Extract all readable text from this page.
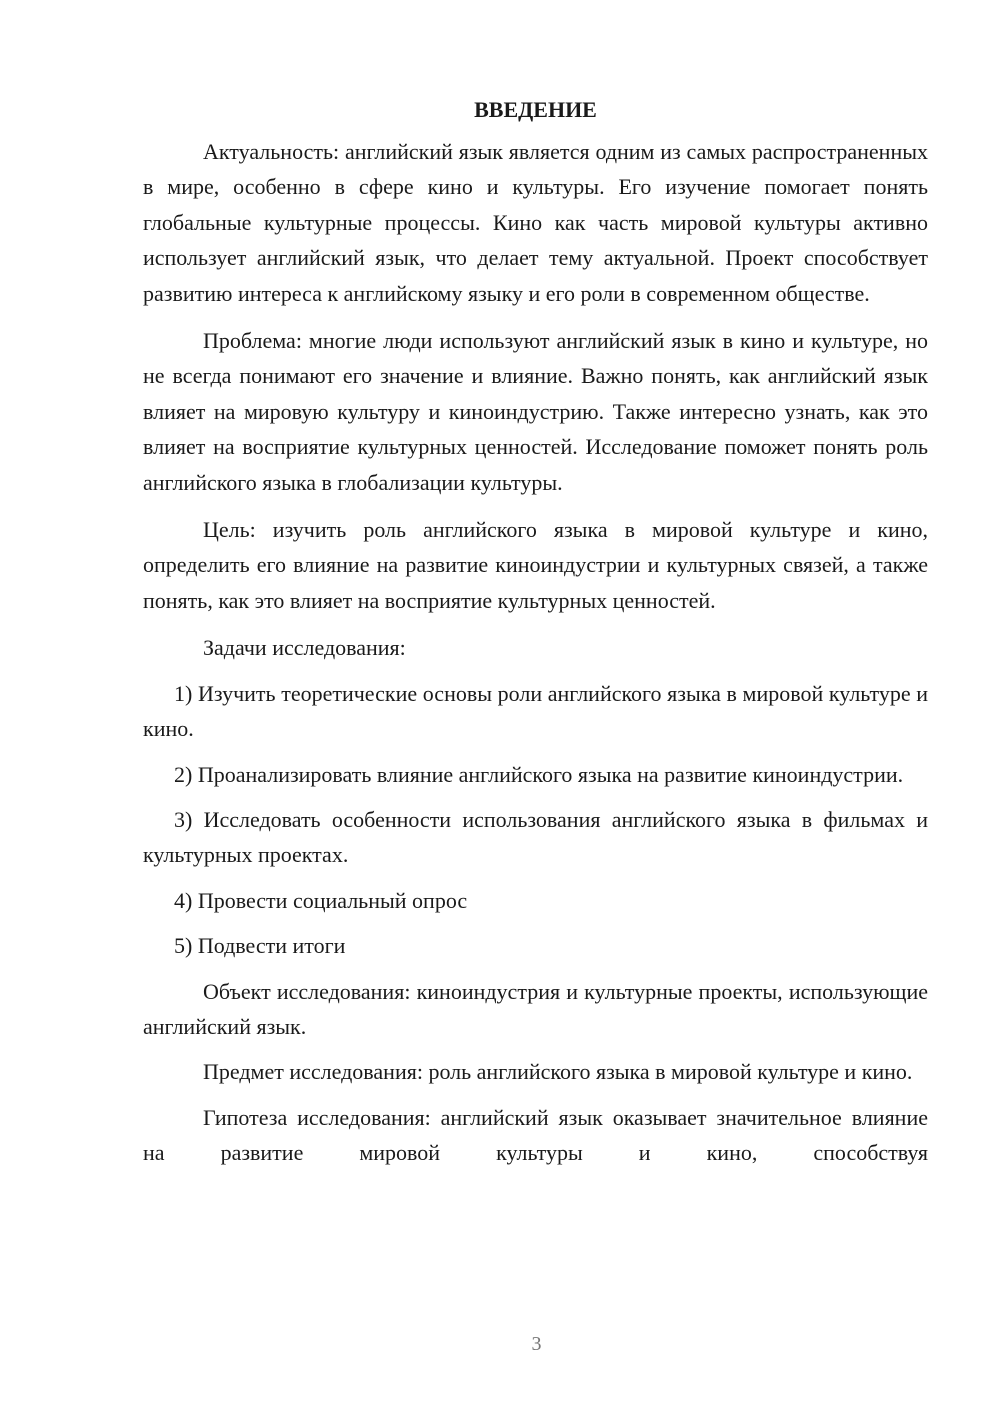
ВВЕДЕНИЕ

Актуальность: английский язык является одним из самых распространенных в мире, особенно в сфере кино и культуры. Его изучение помогает понять глобальные культурные процессы. Кино как часть мировой культуры активно использует английский язык, что делает тему актуальной. Проект способствует развитию интереса к английскому языку и его роли в современном обществе.

Проблема: многие люди используют английский язык в кино и культуре, но не всегда понимают его значение и влияние. Важно понять, как английский язык влияет на мировую культуру и киноиндустрию. Также интересно узнать, как это влияет на восприятие культурных ценностей. Исследование поможет понять роль английского языка в глобализации культуры.

Цель: изучить роль английского языка в мировой культуре и кино, определить его влияние на развитие киноиндустрии и культурных связей, а также понять, как это влияет на восприятие культурных ценностей.

Задачи исследования:

1) Изучить теоретические основы роли английского языка в мировой культуре и кино.

2) Проанализировать влияние английского языка на развитие киноиндустрии.

3) Исследовать особенности использования английского языка в фильмах и культурных проектах.

4) Провести социальный опрос

5) Подвести итоги

Объект исследования: киноиндустрия и культурные проекты, использующие английский язык.

Предмет исследования: роль английского языка в мировой культуре и кино.

Гипотеза исследования: английский язык оказывает значительное влияние на развитие мировой культуры и кино, способствуя

3
